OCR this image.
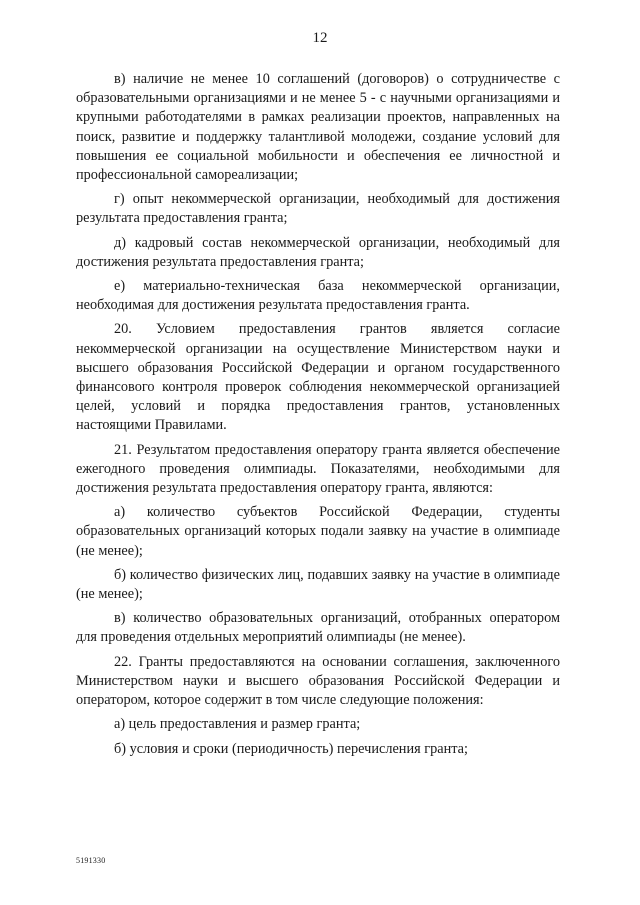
12

в) наличие не менее 10 соглашений (договоров) о сотрудничестве с образовательными организациями и не менее 5 - с научными организациями и крупными работодателями в рамках реализации проектов, направленных на поиск, развитие и поддержку талантливой молодежи, создание условий для повышения ее социальной мобильности и обеспечения ее личностной и профессиональной самореализации;

г) опыт некоммерческой организации, необходимый для достижения результата предоставления гранта;

д) кадровый состав некоммерческой организации, необходимый для достижения результата предоставления гранта;

е) материально-техническая база некоммерческой организации, необходимая для достижения результата предоставления гранта.

20. Условием предоставления грантов является согласие некоммерческой организации на осуществление Министерством науки и высшего образования Российской Федерации и органом государственного финансового контроля проверок соблюдения некоммерческой организацией целей, условий и порядка предоставления грантов, установленных настоящими Правилами.

21. Результатом предоставления оператору гранта является обеспечение ежегодного проведения олимпиады. Показателями, необходимыми для достижения результата предоставления оператору гранта, являются:

а) количество субъектов Российской Федерации, студенты образовательных организаций которых подали заявку на участие в олимпиаде (не менее);

б) количество физических лиц, подавших заявку на участие в олимпиаде (не менее);

в) количество образовательных организаций, отобранных оператором для проведения отдельных мероприятий олимпиады (не менее).

22. Гранты предоставляются на основании соглашения, заключенного Министерством науки и высшего образования Российской Федерации и оператором, которое содержит в том числе следующие положения:

а) цель предоставления и размер гранта;

б) условия и сроки (периодичность) перечисления гранта;

5191330
